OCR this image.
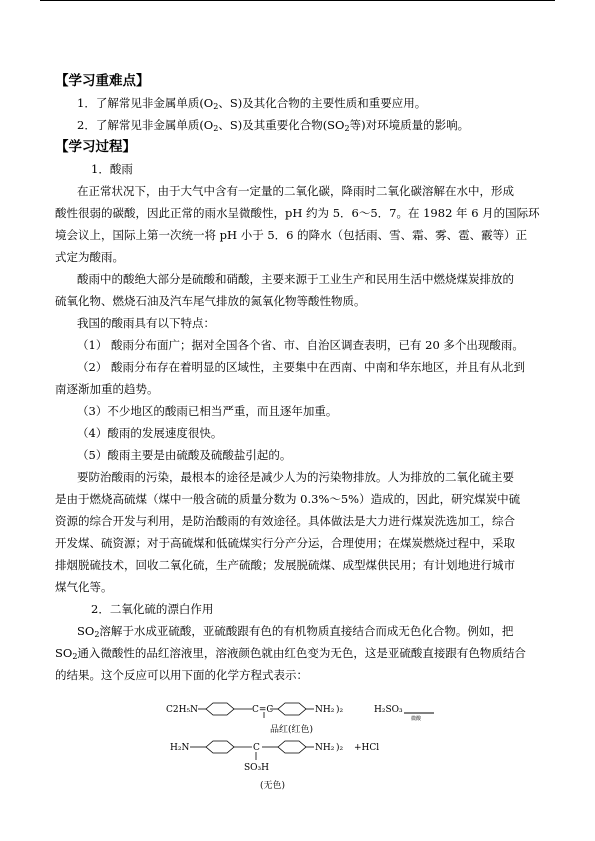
【学习重难点】

1．了解常见非金属单质($O_2$、S)及其化合物的主要性质和重要应用。

2．了解常见非金属单质($O_2$、S)及其重要化合物($SO_2$等)对环境质量的影响。

【学习过程】

1．酸雨

在正常状况下，由于大气中含有一定量的二氧化碳，降雨时二氧化碳溶解在水中，形成

酸性很弱的碳酸，因此正常的雨水呈微酸性，pH 约为 5．6～5．7。在 1982 年 6 月的国际环

境会议上，国际上第一次统一将 pH 小于 5．6 的降水（包括雨、雪、霜、雾、雹、霰等）正

式定为酸雨。

酸雨中的酸绝大部分是硫酸和硝酸，主要来源于工业生产和民用生活中燃烧煤炭排放的

硫氧化物、燃烧石油及汽车尾气排放的氮氧化物等酸性物质。

我国的酸雨具有以下特点：

（1） 酸雨分布面广；据对全国各个省、市、自治区调查表明，已有 20 多个出现酸雨。

（2） 酸雨分布存在着明显的区域性，主要集中在西南、中南和华东地区，并且有从北到

南逐渐加重的趋势。

（3）不少地区的酸雨已相当严重，而且逐年加重。

（4）酸雨的发展速度很快。

（5）酸雨主要是由硫酸及硫酸盐引起的。

要防治酸雨的污染，最根本的途径是减少人为的污染物排放。人为排放的二氧化硫主要

是由于燃烧高硫煤（煤中一般含硫的质量分数为 0.3%～5%）造成的，因此，研究煤炭中硫

资源的综合开发与利用，是防治酸雨的有效途径。具体做法是大力进行煤炭洗选加工，综合

开发煤、硫资源；对于高硫煤和低硫煤实行分产分运，合理使用；在煤炭燃烧过程中，采取

排烟脱硫技术，回收二氧化硫，生产硫酸；发展脱硫煤、成型煤供民用；有计划地进行城市

煤气化等。

2．二氧化硫的漂白作用

$SO_2$溶解于水成亚硫酸，亚硫酸跟有色的有机物质直接结合而成无色化合物。例如，把

$SO_2$通入微酸性的品红溶液里，溶液颜色就由红色变为无色，这是亚硫酸直接跟有色物质结合

的结果。这个反应可以用下面的化学方程式表示：

C2H₅N	C=C	NH₂ )₂	H₂SO₃
微酸
品红(红色)
H₂N	C	NH₂ )₂ +HCl
SO₃H
(无色)
